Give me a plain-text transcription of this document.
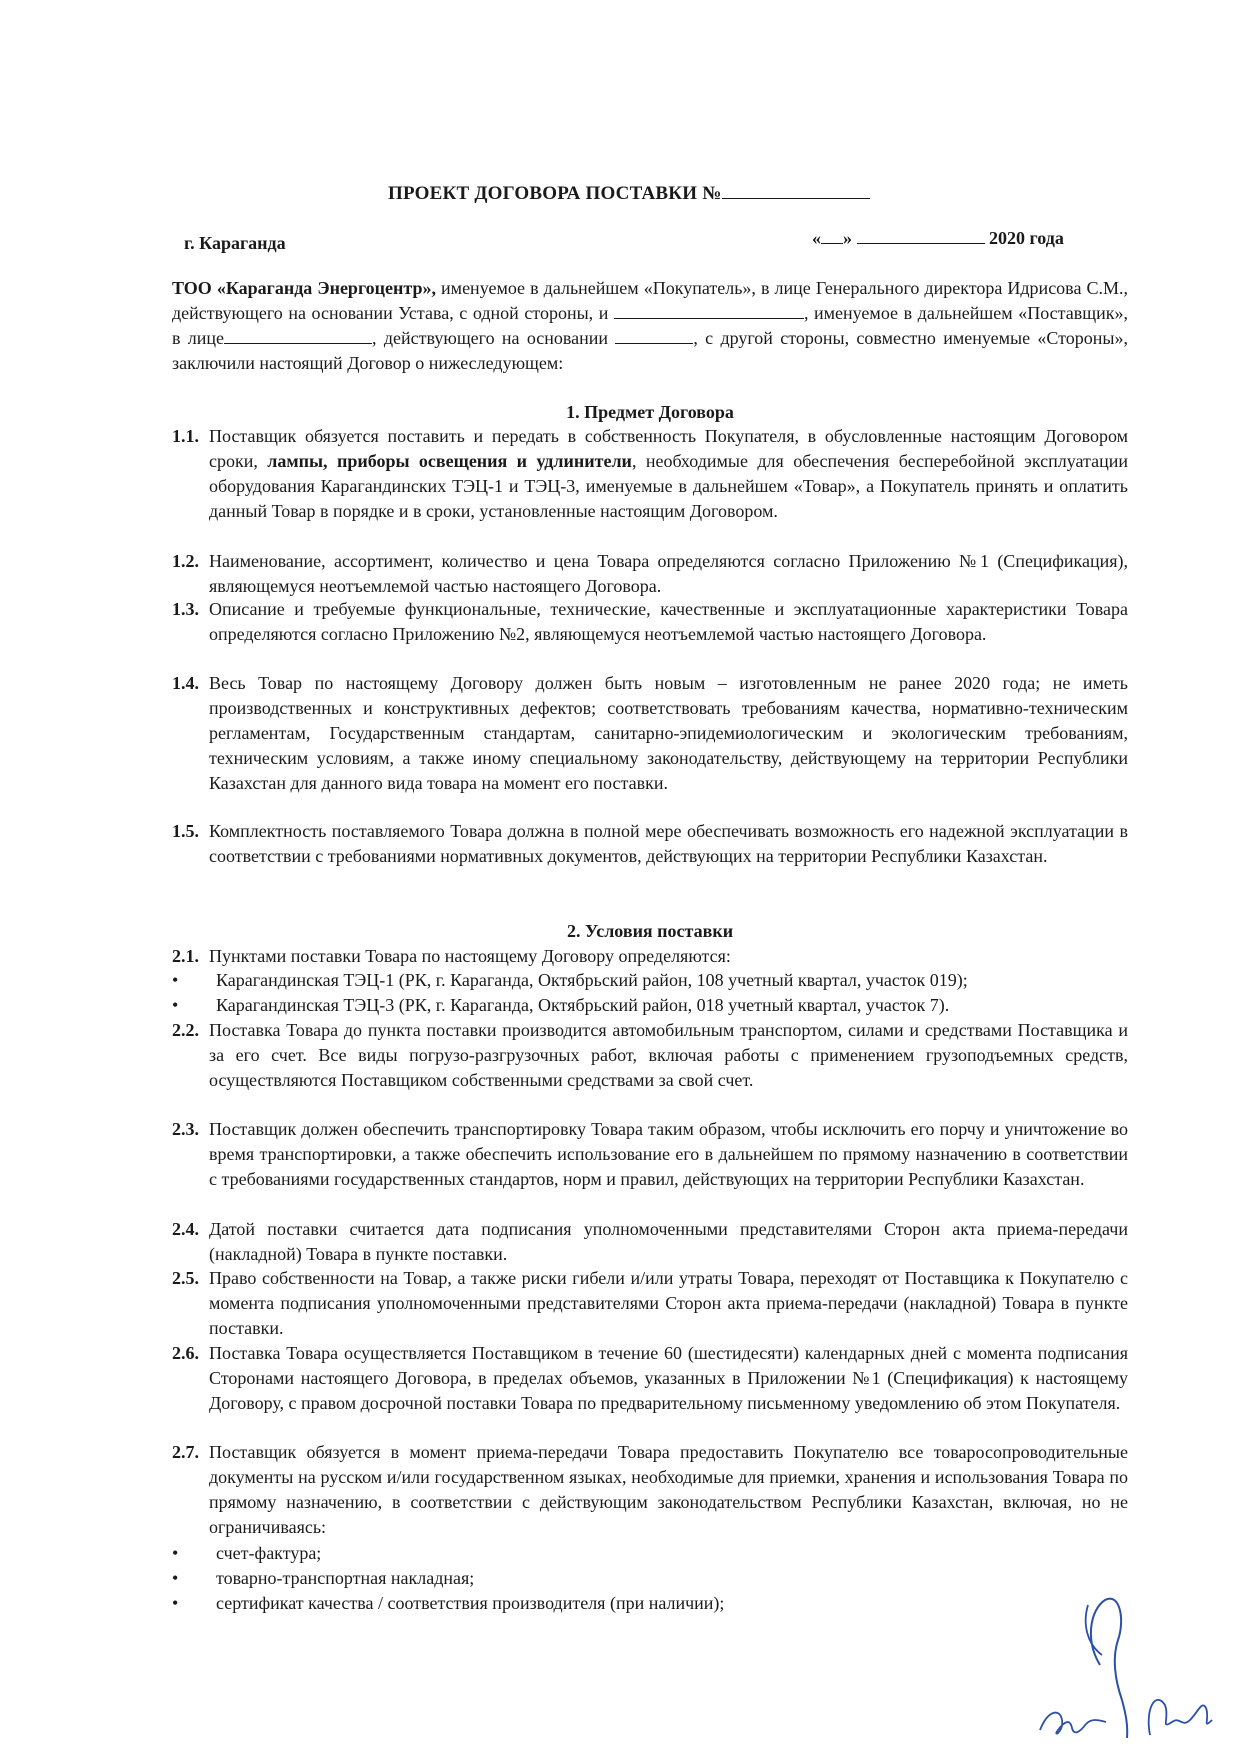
ПРОЕКТ ДОГОВОРА ПОСТАВКИ №
г. Караганда	« »	2020 года
ТОО «Караганда Энергоцентр», именуемое в дальнейшем «Покупатель», в лице Генерального директора Идрисова С.М., действующего на основании Устава, с одной стороны, и	, именуемое в дальнейшем «Поставщик», в лице	, действующего на основании	, с другой стороны, совместно именуемые «Стороны», заключили настоящий Договор о нижеследующем:
1. Предмет Договора
1.1. Поставщик обязуется поставить и передать в собственность Покупателя, в обусловленные настоящим Договором сроки, лампы, приборы освещения и удлинители, необходимые для обеспечения бесперебойной эксплуатации оборудования Карагандинских ТЭЦ-1 и ТЭЦ-3, именуемые в дальнейшем «Товар», а Покупатель принять и оплатить данный Товар в порядке и в сроки, установленные настоящим Договором.
1.2. Наименование, ассортимент, количество и цена Товара определяются согласно Приложению №1 (Спецификация), являющемуся неотъемлемой частью настоящего Договора.
1.3. Описание и требуемые функциональные, технические, качественные и эксплуатационные характеристики Товара определяются согласно Приложению №2, являющемуся неотъемлемой частью настоящего Договора.
1.4. Весь Товар по настоящему Договору должен быть новым – изготовленным не ранее 2020 года; не иметь производственных и конструктивных дефектов; соответствовать требованиям качества, нормативно-техническим регламентам, Государственным стандартам, санитарно-эпидемиологическим и экологическим требованиям, техническим условиям, а также иному специальному законодательству, действующему на территории Республики Казахстан для данного вида товара на момент его поставки.
1.5. Комплектность поставляемого Товара должна в полной мере обеспечивать возможность его надежной эксплуатации в соответствии с требованиями нормативных документов, действующих на территории Республики Казахстан.
2. Условия поставки
2.1. Пунктами поставки Товара по настоящему Договору определяются:
• Карагандинская ТЭЦ-1 (РК, г. Караганда, Октябрьский район, 108 учетный квартал, участок 019);
• Карагандинская ТЭЦ-3 (РК, г. Караганда, Октябрьский район, 018 учетный квартал, участок 7).
2.2. Поставка Товара до пункта поставки производится автомобильным транспортом, силами и средствами Поставщика и за его счет. Все виды погрузо-разгрузочных работ, включая работы с применением грузоподъемных средств, осуществляются Поставщиком собственными средствами за свой счет.
2.3. Поставщик должен обеспечить транспортировку Товара таким образом, чтобы исключить его порчу и уничтожение во время транспортировки, а также обеспечить использование его в дальнейшем по прямому назначению в соответствии с требованиями государственных стандартов, норм и правил, действующих на территории Республики Казахстан.
2.4. Датой поставки считается дата подписания уполномоченными представителями Сторон акта приема-передачи (накладной) Товара в пункте поставки.
2.5. Право собственности на Товар, а также риски гибели и/или утраты Товара, переходят от Поставщика к Покупателю с момента подписания уполномоченными представителями Сторон акта приема-передачи (накладной) Товара в пункте поставки.
2.6. Поставка Товара осуществляется Поставщиком в течение 60 (шестидесяти) календарных дней с момента подписания Сторонами настоящего Договора, в пределах объемов, указанных в Приложении №1 (Спецификация) к настоящему Договору, с правом досрочной поставки Товара по предварительному письменному уведомлению об этом Покупателя.
2.7. Поставщик обязуется в момент приема-передачи Товара предоставить Покупателю все товаросопроводительные документы на русском и/или государственном языках, необходимые для приемки, хранения и использования Товара по прямому назначению, в соответствии с действующим законодательством Республики Казахстан, включая, но не ограничиваясь:
• счет-фактура;
• товарно-транспортная накладная;
• сертификат качества / соответствия производителя (при наличии);
